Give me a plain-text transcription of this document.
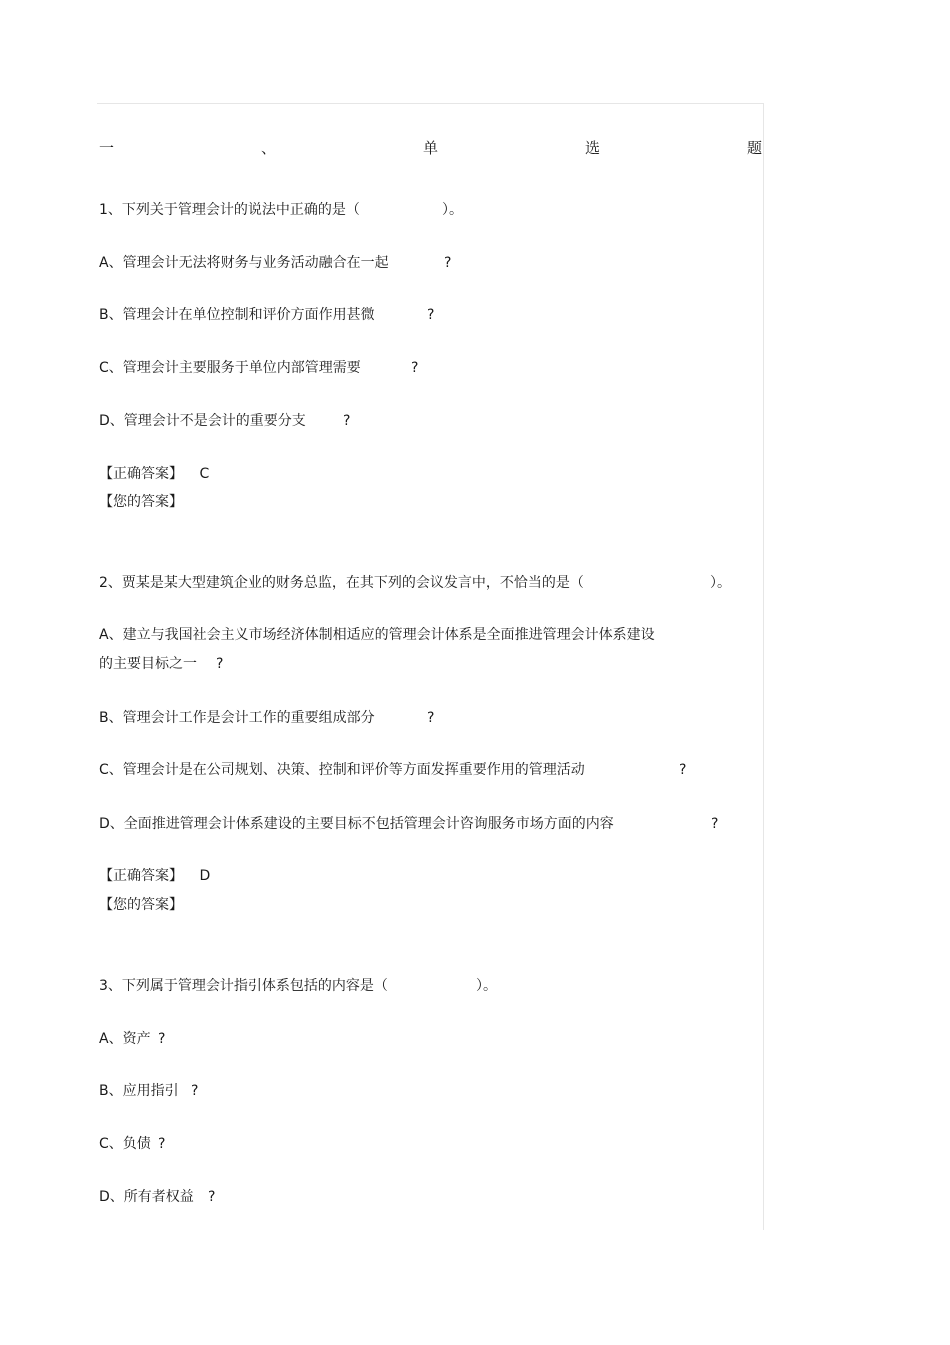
一	、	单	选	题
1、下列关于管理会计的说法中正确的是（	）。
A、管理会计无法将财务与业务活动融合在一起	?
B、管理会计在单位控制和评价方面作用甚微	?
C、管理会计主要服务于单位内部管理需要	?
D、管理会计不是会计的重要分支	?
【正确答案】 C
【您的答案】
2、贾某是某大型建筑企业的财务总监，在其下列的会议发言中，不恰当的是（	）。
A、建立与我国社会主义市场经济体制相适应的管理会计体系是全面推进管理会计体系建设
的主要目标之一 ?
B、管理会计工作是会计工作的重要组成部分	?
C、管理会计是在公司规划、决策、控制和评价等方面发挥重要作用的管理活动	?
D、全面推进管理会计体系建设的主要目标不包括管理会计咨询服务市场方面的内容	?
【正确答案】 D
【您的答案】
3、下列属于管理会计指引体系包括的内容是（	）。
A、资产 ?
B、应用指引 ?
C、负债 ?
D、所有者权益 ?
